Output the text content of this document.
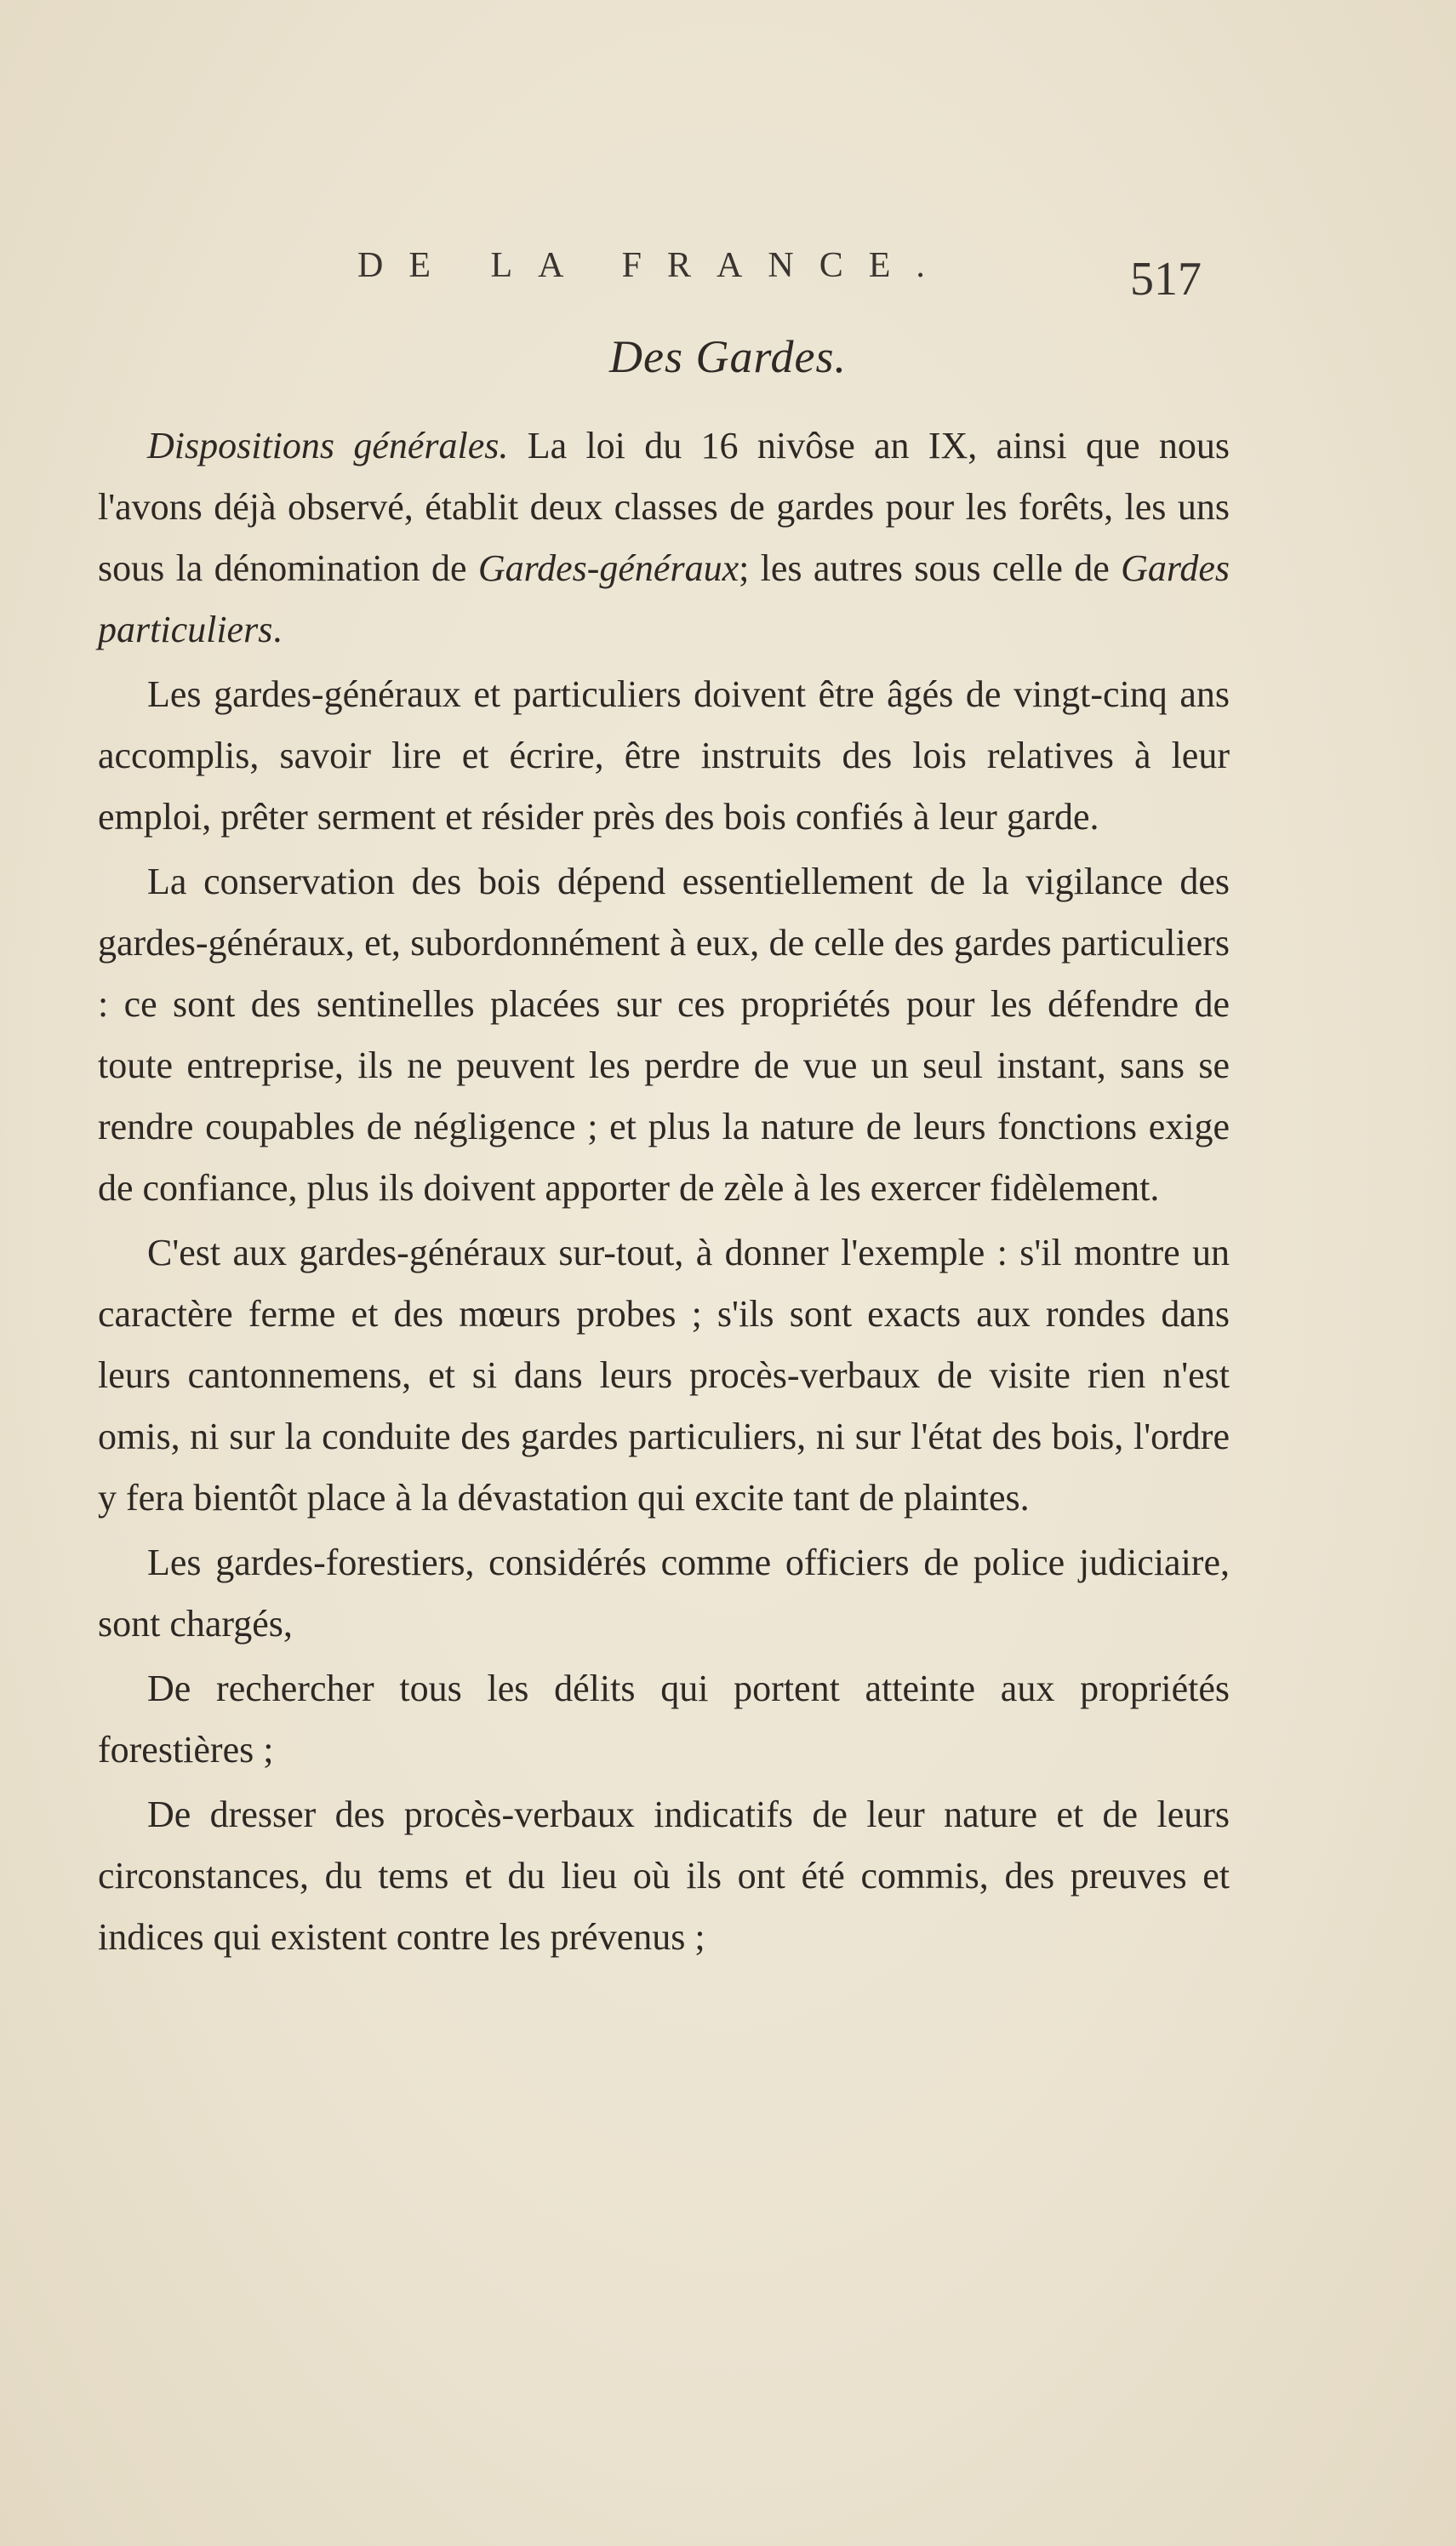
DE LA FRANCE.	517
Des Gardes.

Dispositions générales. La loi du 16 nivôse an IX, ainsi que nous l'avons déjà observé, établit deux classes de gardes pour les forêts, les uns sous la dénomination de Gardes-généraux; les autres sous celle de Gardes particuliers.

Les gardes-généraux et particuliers doivent être âgés de vingt-cinq ans accomplis, savoir lire et écrire, être instruits des lois relatives à leur emploi, prêter serment et résider près des bois confiés à leur garde.

La conservation des bois dépend essentiellement de la vigilance des gardes-généraux, et, subordonnément à eux, de celle des gardes particuliers : ce sont des sentinelles placées sur ces propriétés pour les défendre de toute entreprise, ils ne peuvent les perdre de vue un seul instant, sans se rendre coupables de négligence ; et plus la nature de leurs fonctions exige de confiance, plus ils doivent apporter de zèle à les exercer fidèlement.

C'est aux gardes-généraux sur-tout, à donner l'exemple : s'il montre un caractère ferme et des mœurs probes ; s'ils sont exacts aux rondes dans leurs cantonnemens, et si dans leurs procès-verbaux de visite rien n'est omis, ni sur la conduite des gardes particuliers, ni sur l'état des bois, l'ordre y fera bientôt place à la dévastation qui excite tant de plaintes.

Les gardes-forestiers, considérés comme officiers de police judiciaire, sont chargés,

De rechercher tous les délits qui portent atteinte aux propriétés forestières ;

De dresser des procès-verbaux indicatifs de leur nature et de leurs circonstances, du tems et du lieu où ils ont été commis, des preuves et indices qui existent contre les prévenus ;
